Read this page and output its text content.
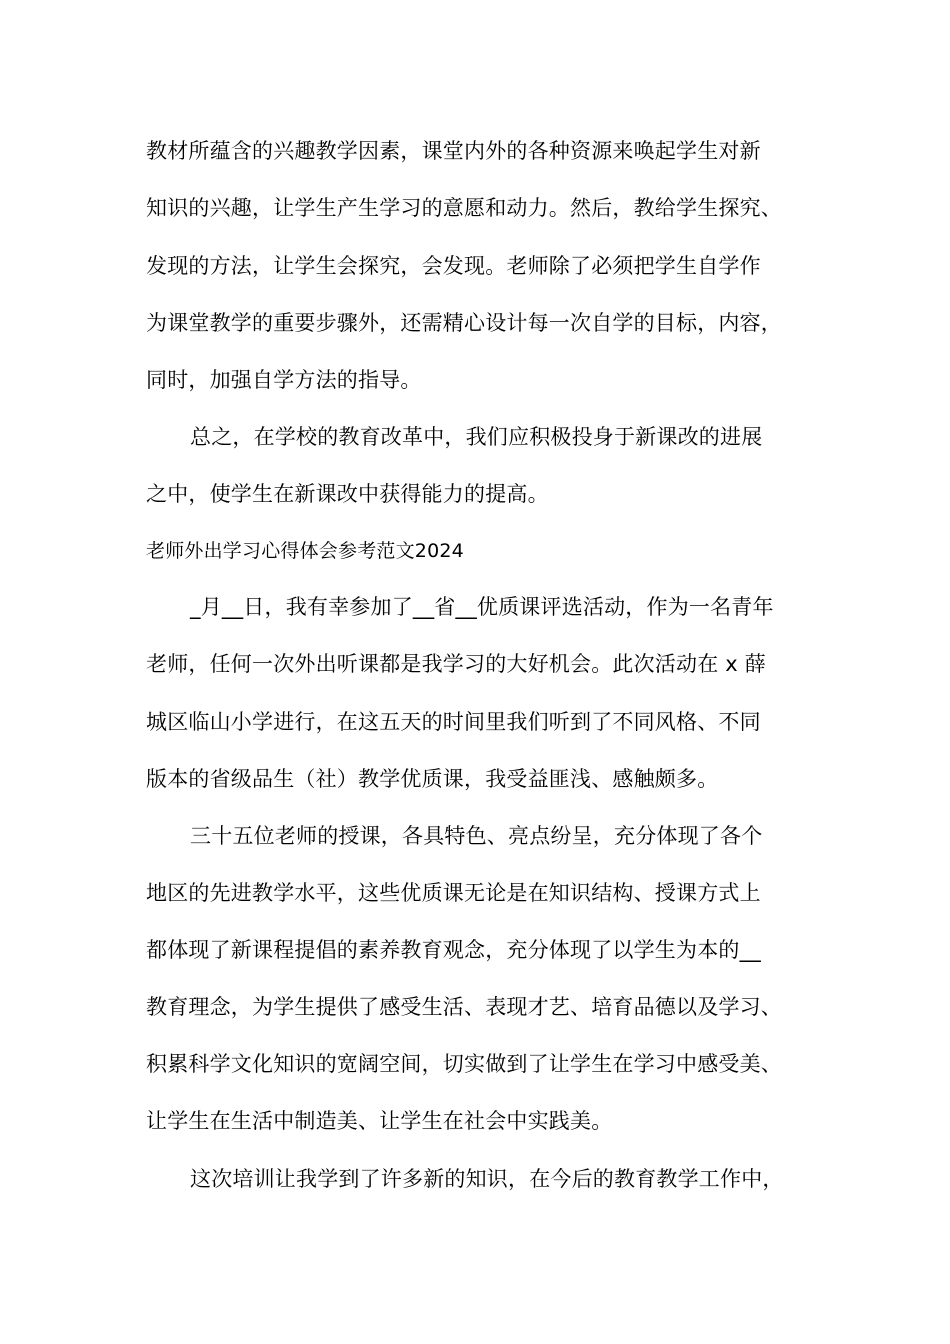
教材所蕴含的兴趣教学因素，课堂内外的各种资源来唤起学生对新
知识的兴趣，让学生产生学习的意愿和动力。然后，教给学生探究、
发现的方法，让学生会探究，会发现。老师除了必须把学生自学作
为课堂教学的重要步骤外，还需精心设计每一次自学的目标，内容，
同时，加强自学方法的指导。
总之，在学校的教育改革中，我们应积极投身于新课改的进展
之中，使学生在新课改中获得能力的提高。
老师外出学习心得体会参考范文2024
_月__日，我有幸参加了__省__优质课评选活动，作为一名青年
老师，任何一次外出听课都是我学习的大好机会。此次活动在 x 薛
城区临山小学进行，在这五天的时间里我们听到了不同风格、不同
版本的省级品生（社）教学优质课，我受益匪浅、感触颇多。
三十五位老师的授课，各具特色、亮点纷呈，充分体现了各个
地区的先进教学水平，这些优质课无论是在知识结构、授课方式上
都体现了新课程提倡的素养教育观念，充分体现了以学生为本的__
教育理念，为学生提供了感受生活、表现才艺、培育品德以及学习、
积累科学文化知识的宽阔空间，切实做到了让学生在学习中感受美、
让学生在生活中制造美、让学生在社会中实践美。
这次培训让我学到了许多新的知识，在今后的教育教学工作中，
